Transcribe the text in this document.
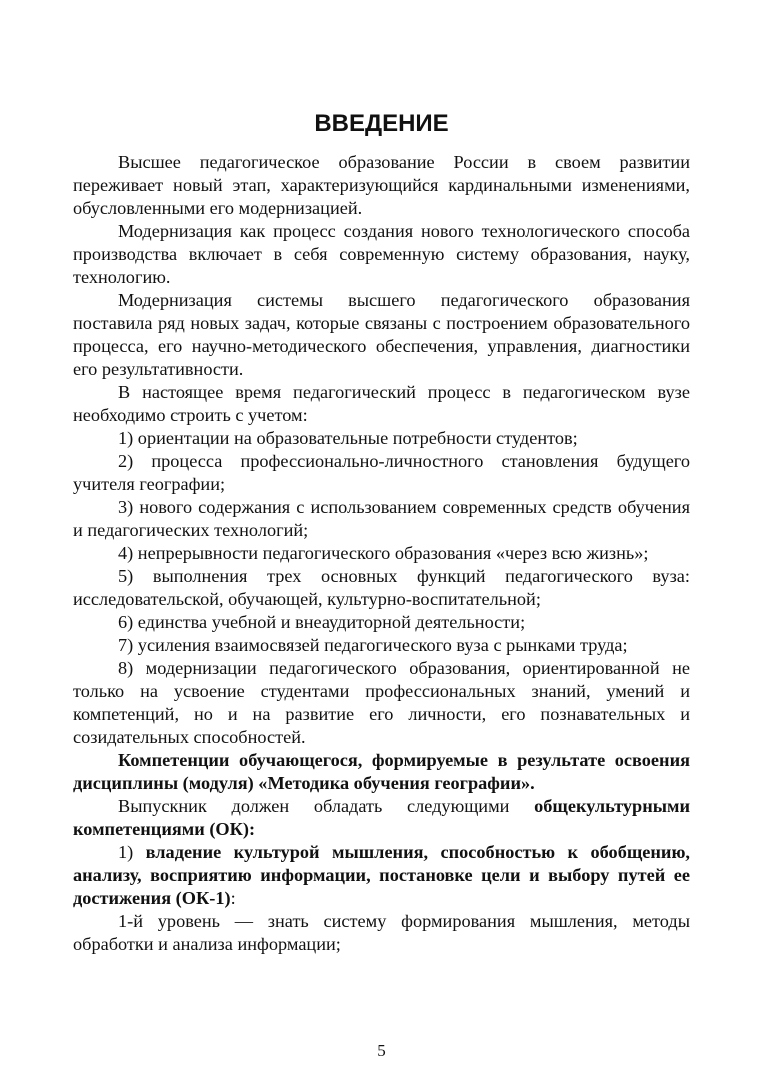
ВВЕДЕНИЕ

Высшее педагогическое образование России в своем развитии переживает новый этап, характеризующийся кардинальными изменениями, обусловленными его модернизацией.

Модернизация как процесс создания нового технологического способа производства включает в себя современную систему образования, науку, технологию.

Модернизация системы высшего педагогического образования поставила ряд новых задач, которые связаны с построением образовательного процесса, его научно-методического обеспечения, управления, диагностики его результативности.

В настоящее время педагогический процесс в педагогическом вузе необходимо строить с учетом:

1) ориентации на образовательные потребности студентов;

2) процесса профессионально-личностного становления будущего учителя географии;

3) нового содержания с использованием современных средств обучения и педагогических технологий;

4) непрерывности педагогического образования «через всю жизнь»;

5) выполнения трех основных функций педагогического вуза: исследовательской, обучающей, культурно-воспитательной;

6) единства учебной и внеаудиторной деятельности;

7) усиления взаимосвязей педагогического вуза с рынками труда;

8) модернизации педагогического образования, ориентированной не только на усвоение студентами профессиональных знаний, умений и компетенций, но и на развитие его личности, его познавательных и созидательных способностей.

Компетенции обучающегося, формируемые в результате освоения дисциплины (модуля) «Методика обучения географии».

Выпускник должен обладать следующими общекультурными компетенциями (ОК):

1) владение культурой мышления, способностью к обобщению, анализу, восприятию информации, постановке цели и выбору путей ее достижения (ОК-1):

1-й уровень — знать систему формирования мышления, методы обработки и анализа информации;

5
